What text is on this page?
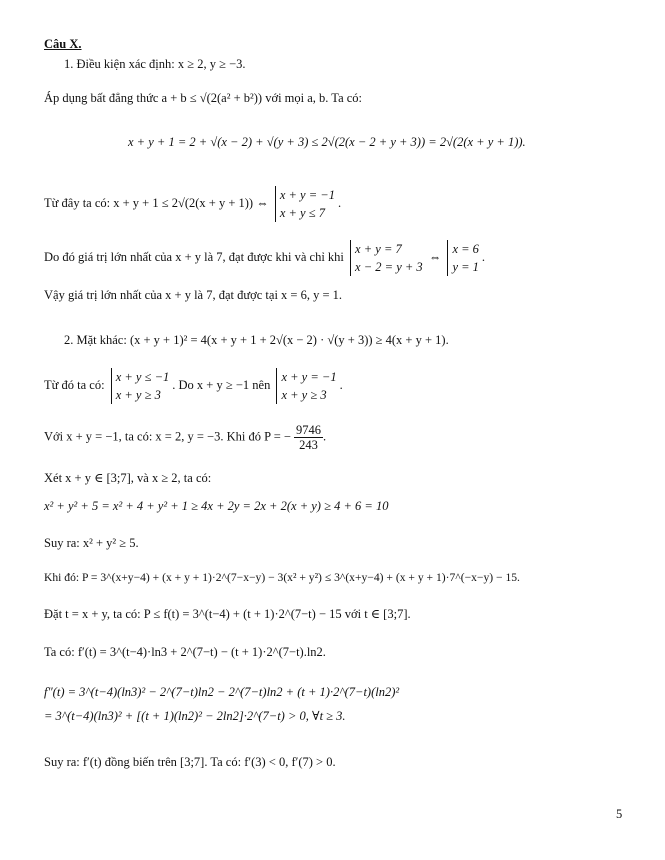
Câu X.
1. Điều kiện xác định: x ≥ 2, y ≥ −3.
Áp dụng bất đẳng thức a + b ≤ √(2(a² + b²)) với mọi a, b. Ta có:
x + y + 1 = 2 + √(x − 2) + √(y + 3) ≤ 2√(2(x − 2 + y + 3)) = 2√(2(x + y + 1)).
Từ đây ta có: x + y + 1 ≤ 2√(2(x + y + 1)) ⇔
x + y = −1
x + y ≤ 7
.
Do đó giá trị lớn nhất của x + y là 7, đạt được khi và chỉ khi
x + y = 7
x − 2 = y + 3
⇔
x = 6
y = 1
.
Vậy giá trị lớn nhất của x + y là 7, đạt được tại x = 6, y = 1.
2. Mặt khác: (x + y + 1)² = 4(x + y + 1 + 2√(x − 2) · √(y + 3)) ≥ 4(x + y + 1).
Từ đó ta có:
x + y ≤ −1
x + y ≥ 3
. Do x + y ≥ −1 nên
x + y = −1
x + y ≥ 3
.
Với x + y = −1, ta có: x = 2, y = −3. Khi đó P = − $\frac{9746}{243}$ .
Xét x + y ∈ [3;7], và x ≥ 2, ta có:
x² + y² + 5 = x² + 4 + y² + 1 ≥ 4x + 2y = 2x + 2(x + y) ≥ 4 + 6 = 10
Suy ra: x² + y² ≥ 5.
Khi đó: P = 3^(x+y−4) + (x + y + 1)·2^(7−x−y) − 3(x² + y²) ≤ 3^(x+y−4) + (x + y + 1)·7^(−x−y) − 15.
Đặt t = x + y, ta có: P ≤ f(t) = 3^(t−4) + (t + 1)·2^(7−t) − 15 với t ∈ [3;7].
Ta có: f′(t) = 3^(t−4)·ln3 + 2^(7−t) − (t + 1)·2^(7−t).ln2.
f″(t) = 3^(t−4)(ln3)² − 2^(7−t)ln2 − 2^(7−t)ln2 + (t + 1)·2^(7−t)(ln2)²
= 3^(t−4)(ln3)² + [(t + 1)(ln2)² − 2ln2]·2^(7−t) > 0, ∀t ≥ 3.
Suy ra: f′(t) đồng biến trên [3;7]. Ta có: f′(3) < 0, f′(7) > 0.
5
